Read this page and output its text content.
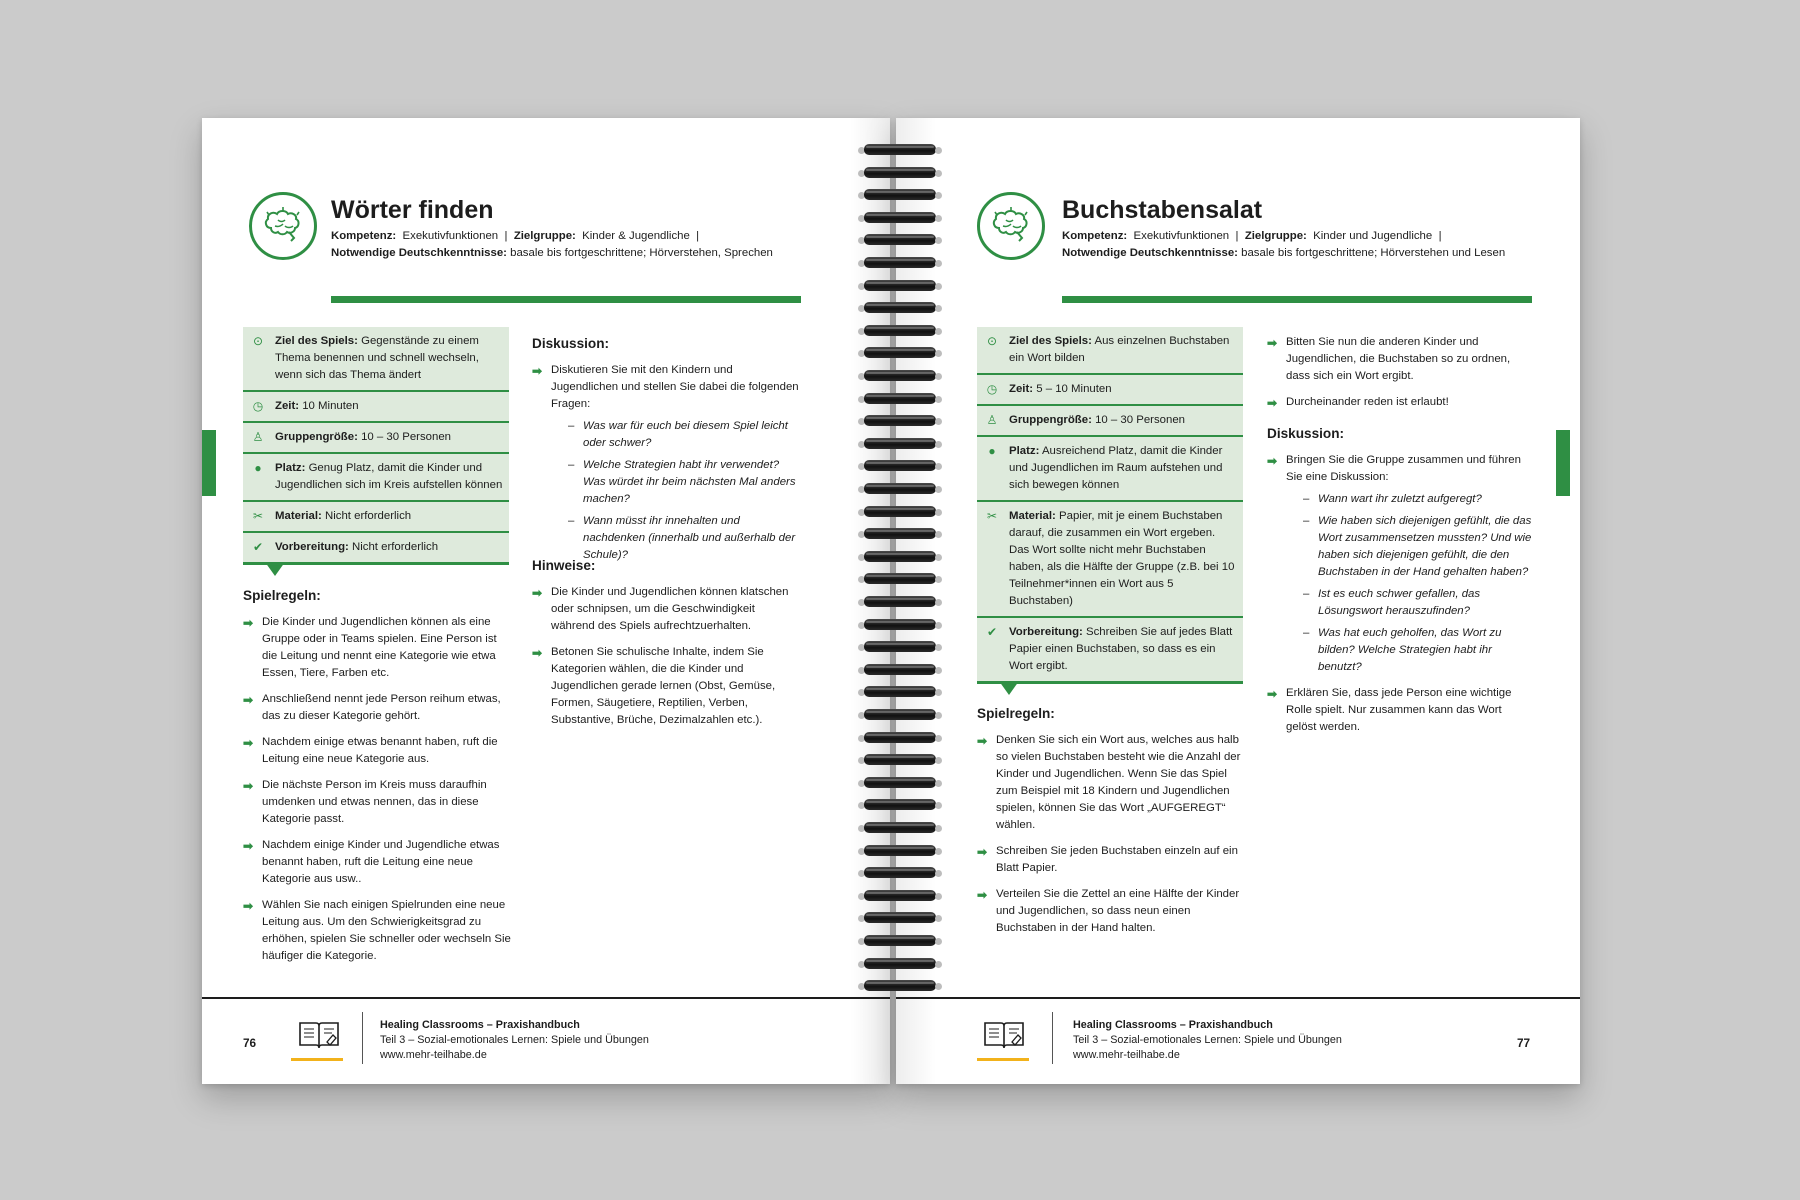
Wörter finden
Kompetenz: Exekutivfunktionen | Zielgruppe: Kinder & Jugendliche |
Notwendige Deutschkenntnisse: basale bis fortgeschrittene; Hörverstehen, Sprechen
⊙ Ziel des Spiels: Gegenstände zu einem Thema benennen und schnell wechseln, wenn sich das Thema ändert
◷ Zeit: 10 Minuten
♙ Gruppengröße: 10 – 30 Personen
● Platz: Genug Platz, damit die Kinder und Jugendlichen sich im Kreis aufstellen können
✂ Material: Nicht erforderlich
✔ Vorbereitung: Nicht erforderlich
Spielregeln:
➡ Die Kinder und Jugendlichen können als eine Gruppe oder in Teams spielen. Eine Person ist die Leitung und nennt eine Kategorie wie etwa Essen, Tiere, Farben etc.
➡ Anschließend nennt jede Person reihum etwas, das zu dieser Kategorie gehört.
➡ Nachdem einige etwas benannt haben, ruft die Leitung eine neue Kategorie aus.
➡ Die nächste Person im Kreis muss daraufhin umdenken und etwas nennen, das in diese Kategorie passt.
➡ Nachdem einige Kinder und Jugendliche etwas benannt haben, ruft die Leitung eine neue Kategorie aus usw..
➡ Wählen Sie nach einigen Spielrunden eine neue Leitung aus. Um den Schwierigkeitsgrad zu erhöhen, spielen Sie schneller oder wechseln Sie häufiger die Kategorie.
Diskussion:
➡ Diskutieren Sie mit den Kindern und Jugendlichen und stellen Sie dabei die folgenden Fragen:
– Was war für euch bei diesem Spiel leicht oder schwer?
– Welche Strategien habt ihr verwendet? Was würdet ihr beim nächsten Mal anders machen?
– Wann müsst ihr innehalten und nachdenken (innerhalb und außerhalb der Schule)?
Hinweise:
➡ Die Kinder und Jugendlichen können klatschen oder schnipsen, um die Geschwindigkeit während des Spiels aufrechtzuerhalten.
➡ Betonen Sie schulische Inhalte, indem Sie Kategorien wählen, die die Kinder und Jugendlichen gerade lernen (Obst, Gemüse, Formen, Säugetiere, Reptilien, Verben, Substantive, Brüche, Dezimalzahlen etc.).
76
Healing Classrooms – Praxishandbuch
Teil 3 – Sozial-emotionales Lernen: Spiele und Übungen
www.mehr-teilhabe.de
Buchstabensalat
Kompetenz: Exekutivfunktionen | Zielgruppe: Kinder und Jugendliche |
Notwendige Deutschkenntnisse: basale bis fortgeschrittene; Hörverstehen und Lesen
⊙ Ziel des Spiels: Aus einzelnen Buchstaben ein Wort bilden
◷ Zeit: 5 – 10 Minuten
♙ Gruppengröße: 10 – 30 Personen
● Platz: Ausreichend Platz, damit die Kinder und Jugendlichen im Raum aufstehen und sich bewegen können
✂ Material: Papier, mit je einem Buchstaben darauf, die zusammen ein Wort ergeben. Das Wort sollte nicht mehr Buchstaben haben, als die Hälfte der Gruppe (z.B. bei 10 Teilnehmer*innen ein Wort aus 5 Buchstaben)
✔ Vorbereitung: Schreiben Sie auf jedes Blatt Papier einen Buchstaben, so dass es ein Wort ergibt.
Spielregeln:
➡ Denken Sie sich ein Wort aus, welches aus halb so vielen Buchstaben besteht wie die Anzahl der Kinder und Jugendlichen. Wenn Sie das Spiel zum Beispiel mit 18 Kindern und Jugendlichen spielen, können Sie das Wort „AUFGEREGT“ wählen.
➡ Schreiben Sie jeden Buchstaben einzeln auf ein Blatt Papier.
➡ Verteilen Sie die Zettel an eine Hälfte der Kinder und Jugendlichen, so dass neun einen Buchstaben in der Hand halten.
➡ Bitten Sie nun die anderen Kinder und Jugendlichen, die Buchstaben so zu ordnen, dass sich ein Wort ergibt.
➡ Durcheinander reden ist erlaubt!
Diskussion:
➡ Bringen Sie die Gruppe zusammen und führen Sie eine Diskussion:
– Wann wart ihr zuletzt aufgeregt?
– Wie haben sich diejenigen gefühlt, die das Wort zusammensetzen mussten? Und wie haben sich diejenigen gefühlt, die den Buchstaben in der Hand gehalten haben?
– Ist es euch schwer gefallen, das Lösungswort herauszufinden?
– Was hat euch geholfen, das Wort zu bilden? Welche Strategien habt ihr benutzt?
➡ Erklären Sie, dass jede Person eine wichtige Rolle spielt. Nur zusammen kann das Wort gelöst werden.
Healing Classrooms – Praxishandbuch
Teil 3 – Sozial-emotionales Lernen: Spiele und Übungen
www.mehr-teilhabe.de
77
